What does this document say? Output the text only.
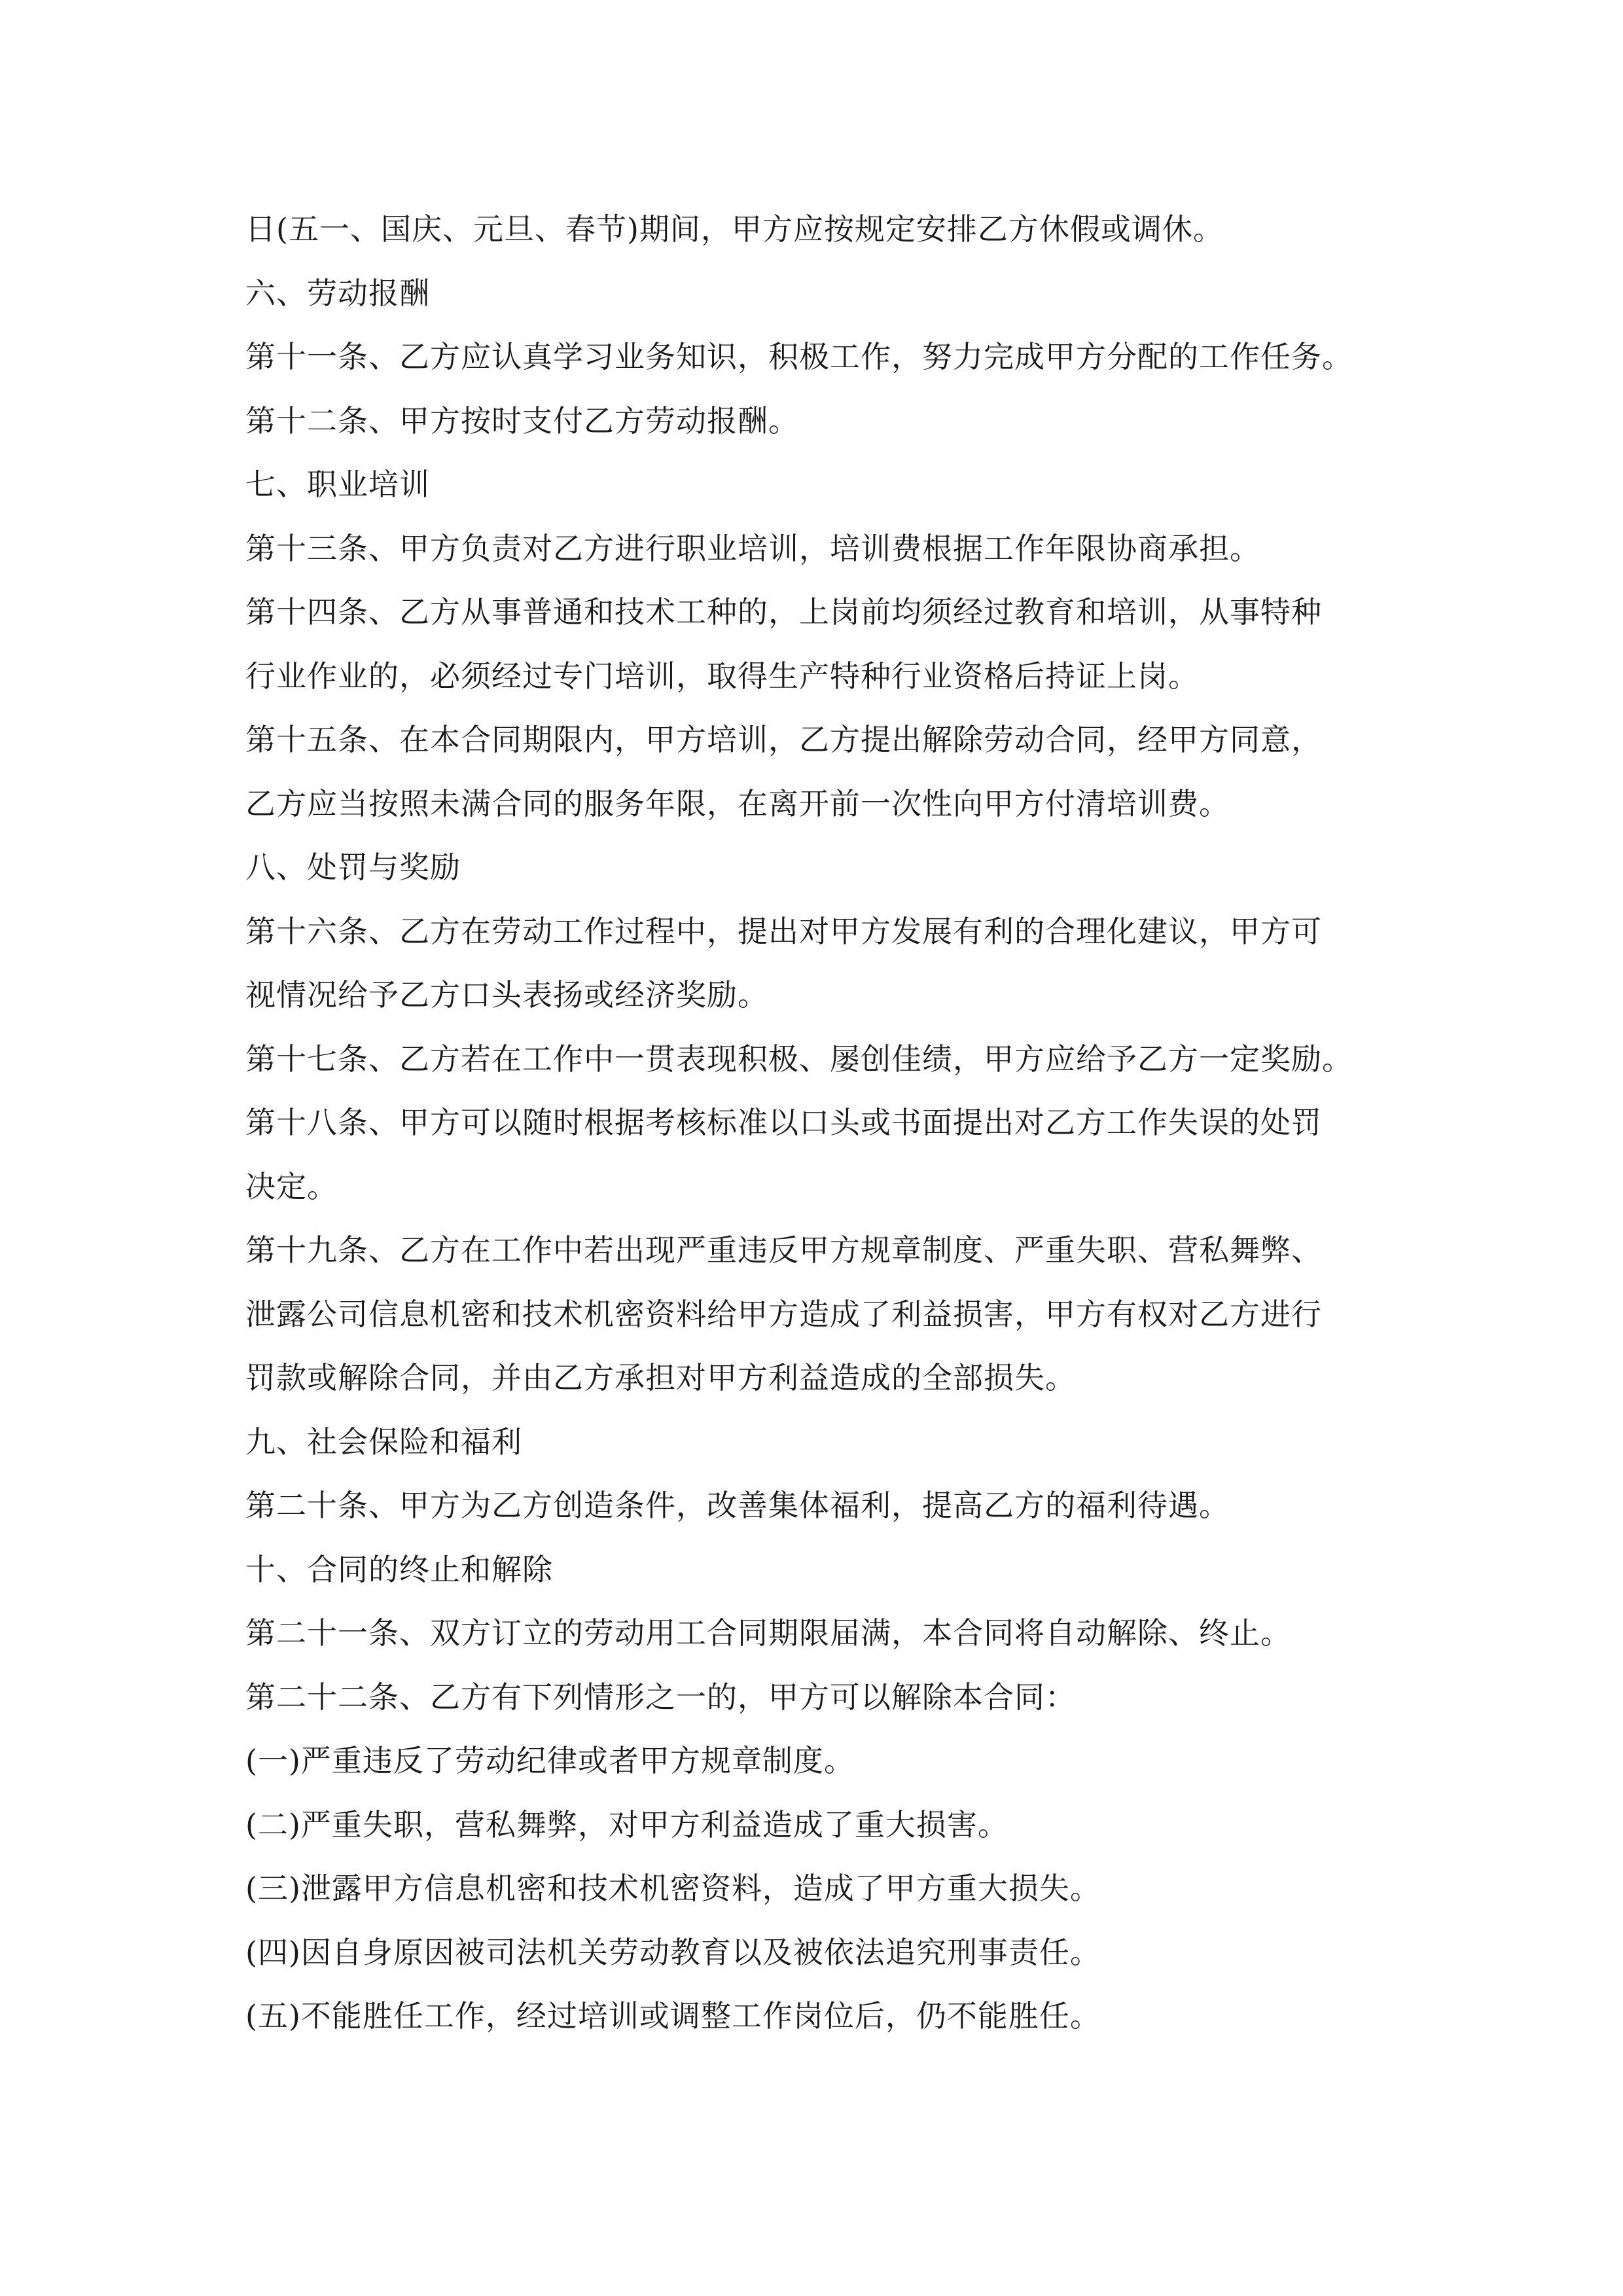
日(五一、国庆、元旦、春节)期间，甲方应按规定安排乙方休假或调休。
六、劳动报酬
第十一条、乙方应认真学习业务知识，积极工作，努力完成甲方分配的工作任务。
第十二条、甲方按时支付乙方劳动报酬。
七、职业培训
第十三条、甲方负责对乙方进行职业培训，培训费根据工作年限协商承担。
第十四条、乙方从事普通和技术工种的，上岗前均须经过教育和培训，从事特种
行业作业的，必须经过专门培训，取得生产特种行业资格后持证上岗。
第十五条、在本合同期限内，甲方培训，乙方提出解除劳动合同，经甲方同意，
乙方应当按照未满合同的服务年限，在离开前一次性向甲方付清培训费。
八、处罚与奖励
第十六条、乙方在劳动工作过程中，提出对甲方发展有利的合理化建议，甲方可
视情况给予乙方口头表扬或经济奖励。
第十七条、乙方若在工作中一贯表现积极、屡创佳绩，甲方应给予乙方一定奖励。
第十八条、甲方可以随时根据考核标准以口头或书面提出对乙方工作失误的处罚
决定。
第十九条、乙方在工作中若出现严重违反甲方规章制度、严重失职、营私舞弊、
泄露公司信息机密和技术机密资料给甲方造成了利益损害，甲方有权对乙方进行
罚款或解除合同，并由乙方承担对甲方利益造成的全部损失。
九、社会保险和福利
第二十条、甲方为乙方创造条件，改善集体福利，提高乙方的福利待遇。
十、合同的终止和解除
第二十一条、双方订立的劳动用工合同期限届满，本合同将自动解除、终止。
第二十二条、乙方有下列情形之一的，甲方可以解除本合同：
(一)严重违反了劳动纪律或者甲方规章制度。
(二)严重失职，营私舞弊，对甲方利益造成了重大损害。
(三)泄露甲方信息机密和技术机密资料，造成了甲方重大损失。
(四)因自身原因被司法机关劳动教育以及被依法追究刑事责任。
(五)不能胜任工作，经过培训或调整工作岗位后，仍不能胜任。
